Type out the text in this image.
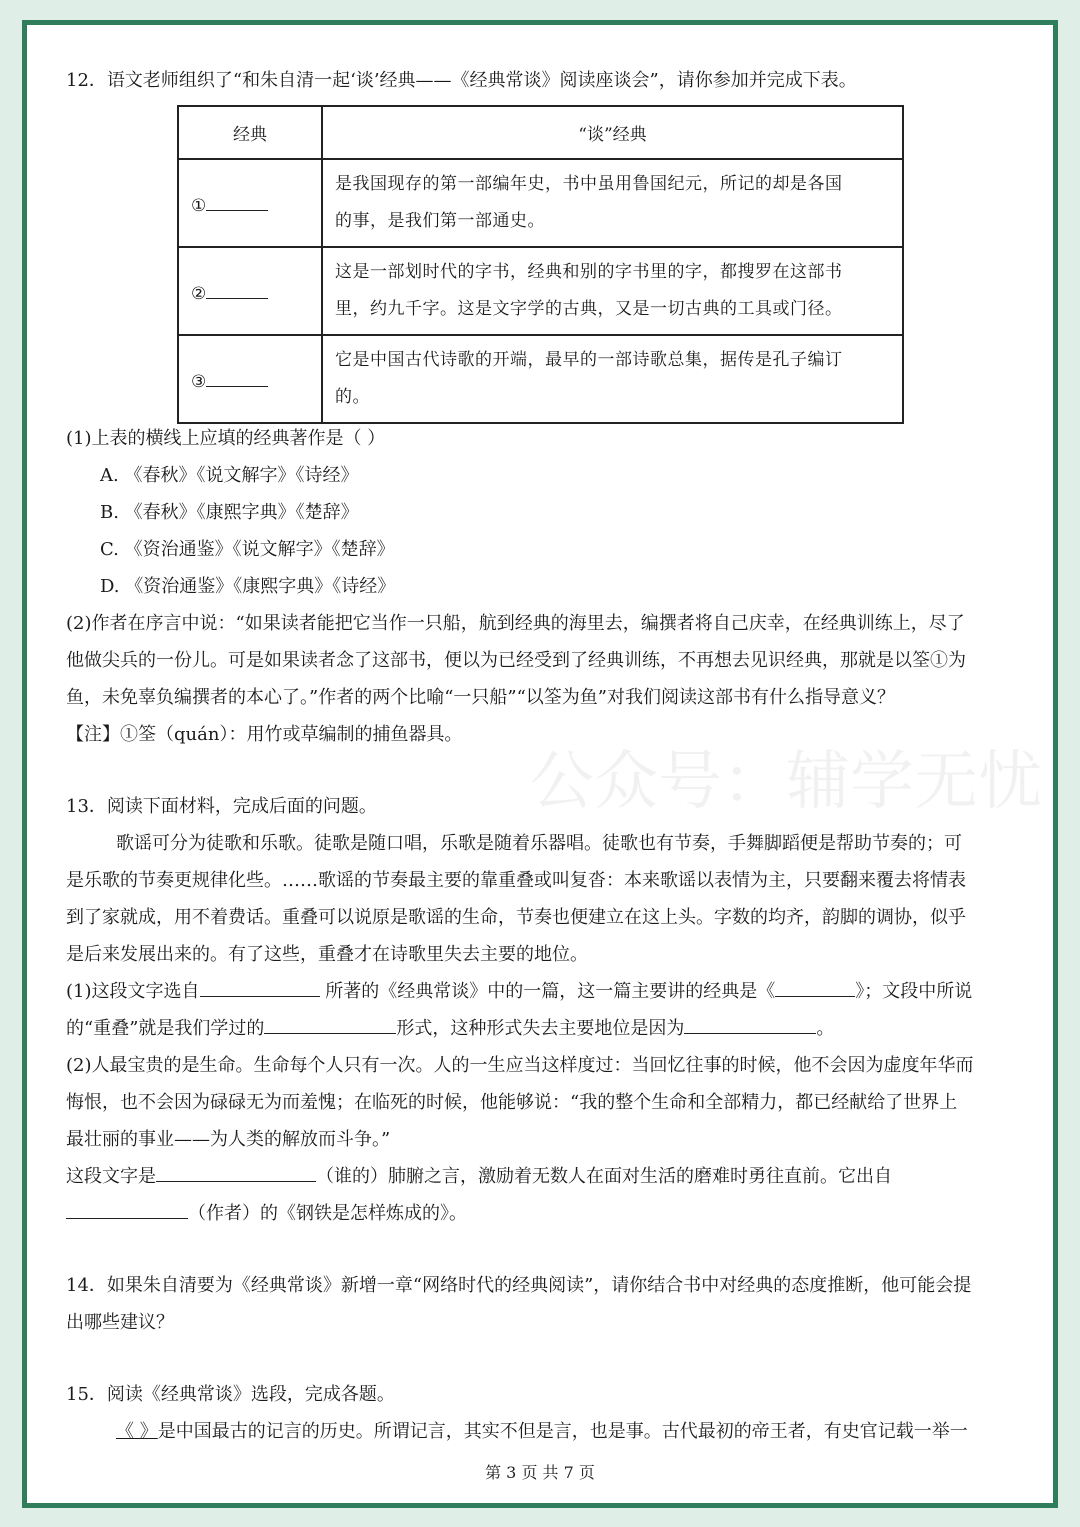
12．语文老师组织了“和朱自清一起‘谈’经典——《经典常谈》阅读座谈会”，请你参加并完成下表。
经典	“谈”经典
①	是我国现存的第一部编年史，书中虽用鲁国纪元，所记的却是各国
的事，是我们第一部通史。

②	这是一部划时代的字书，经典和别的字书里的字，都搜罗在这部书
里，约九千字。这是文字学的古典，又是一切古典的工具或门径。

③	它是中国古代诗歌的开端，最早的一部诗歌总集，据传是孔子编订
的。
(1)上表的横线上应填的经典著作是（ ）
A. 《春秋》《说文解字》《诗经》
B. 《春秋》《康熙字典》《楚辞》
C. 《资治通鉴》《说文解字》《楚辞》
D. 《资治通鉴》《康熙字典》《诗经》
(2)作者在序言中说：“如果读者能把它当作一只船，航到经典的海里去，编撰者将自己庆幸，在经典训练上，尽了
他做尖兵的一份儿。可是如果读者念了这部书，便以为已经受到了经典训练，不再想去见识经典，那就是以筌①为
鱼，未免辜负编撰者的本心了。”作者的两个比喻“一只船”“以筌为鱼”对我们阅读这部书有什么指导意义？
【注】①筌（quán）：用竹或草编制的捕鱼器具。
公众号：辅学无忧
13．阅读下面材料，完成后面的问题。
歌谣可分为徒歌和乐歌。徒歌是随口唱，乐歌是随着乐器唱。徒歌也有节奏，手舞脚蹈便是帮助节奏的；可
是乐歌的节奏更规律化些。……歌谣的节奏最主要的靠重叠或叫复沓：本来歌谣以表情为主，只要翻来覆去将情表
到了家就成，用不着费话。重叠可以说原是歌谣的生命，节奏也便建立在这上头。字数的均齐，韵脚的调协，似乎
是后来发展出来的。有了这些，重叠才在诗歌里失去主要的地位。
(1)这段文字选自	所著的《经典常谈》中的一篇，这一篇主要讲的经典是《	》；文段中所说
的“重叠”就是我们学过的	形式，这种形式失去主要地位是因为	。
(2)人最宝贵的是生命。生命每个人只有一次。人的一生应当这样度过：当回忆往事的时候，他不会因为虚度年华而
悔恨，也不会因为碌碌无为而羞愧；在临死的时候，他能够说：“我的整个生命和全部精力，都已经献给了世界上
最壮丽的事业——为人类的解放而斗争。”
这段文字是	（谁的）肺腑之言，激励着无数人在面对生活的磨难时勇往直前。它出自
（作者）的《钢铁是怎样炼成的》。
14．如果朱自清要为《经典常谈》新增一章“网络时代的经典阅读”，请你结合书中对经典的态度推断，他可能会提
出哪些建议？
15．阅读《经典常谈》选段，完成各题。
《 》是中国最古的记言的历史。所谓记言，其实不但是言，也是事。古代最初的帝王者，有史官记载一举一
第 3 页 共 7 页
